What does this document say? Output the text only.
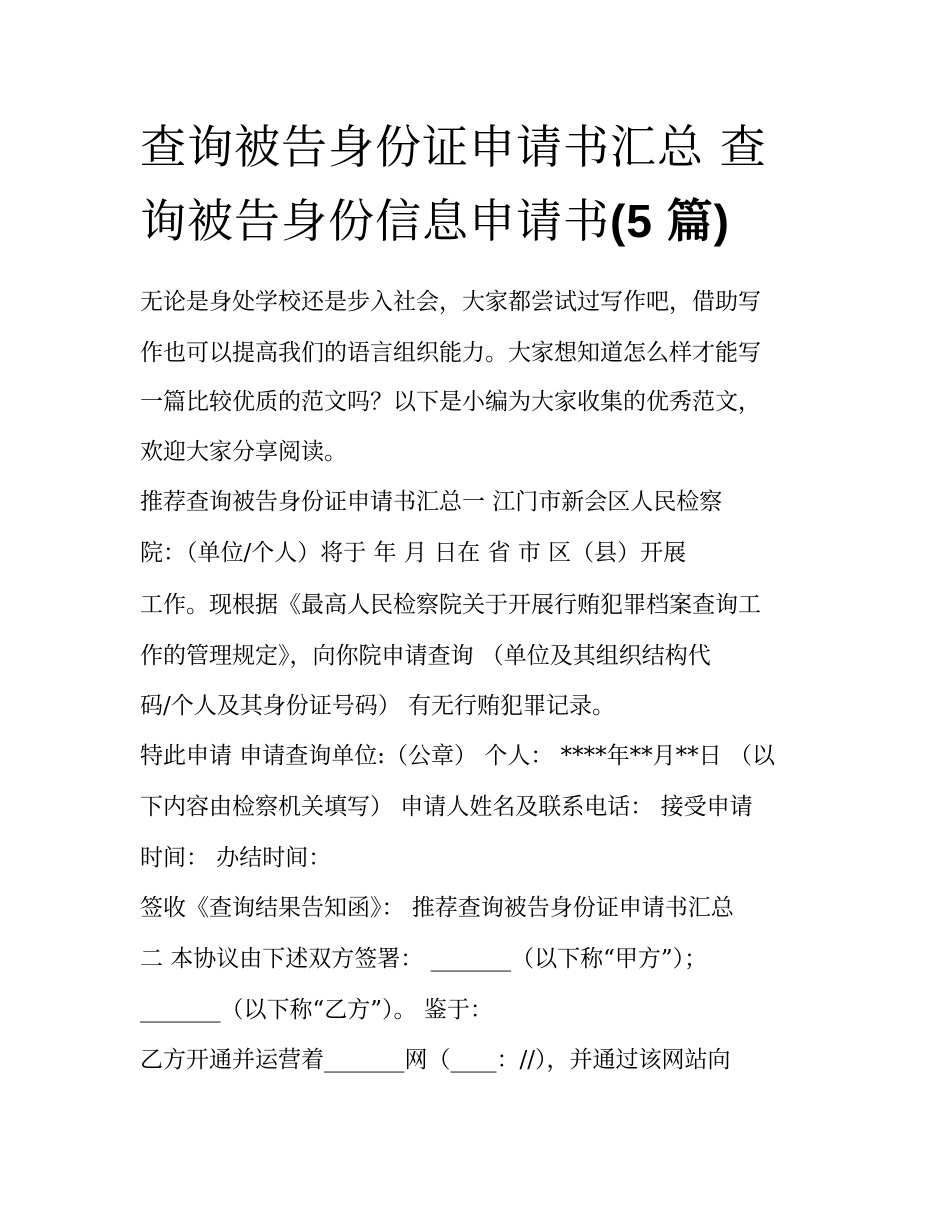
查询被告身份证申请书汇总 查
询被告身份信息申请书(5 篇)

无论是身处学校还是步入社会，大家都尝试过写作吧，借助写

作也可以提高我们的语言组织能力。大家想知道怎么样才能写

一篇比较优质的范文吗？以下是小编为大家收集的优秀范文，

欢迎大家分享阅读。

推荐查询被告身份证申请书汇总一 江门市新会区人民检察

院：（单位/个人）将于 年 月 日在 省 市 区（县）开展

工作。现根据《最高人民检察院关于开展行贿犯罪档案查询工

作的管理规定》，向你院申请查询 （单位及其组织结构代

码/个人及其身份证号码） 有无行贿犯罪记录。

特此申请 申请查询单位:（公章） 个人： ****年**月**日 （以

下内容由检察机关填写） 申请人姓名及联系电话： 接受申请

时间： 办结时间：

签收《查询结果告知函》： 推荐查询被告身份证申请书汇总

二 本协议由下述双方签署： _______（以下称“甲方”）；

_______（以下称“乙方”）。 鉴于：

乙方开通并运营着_______网（____：//），并通过该网站向
